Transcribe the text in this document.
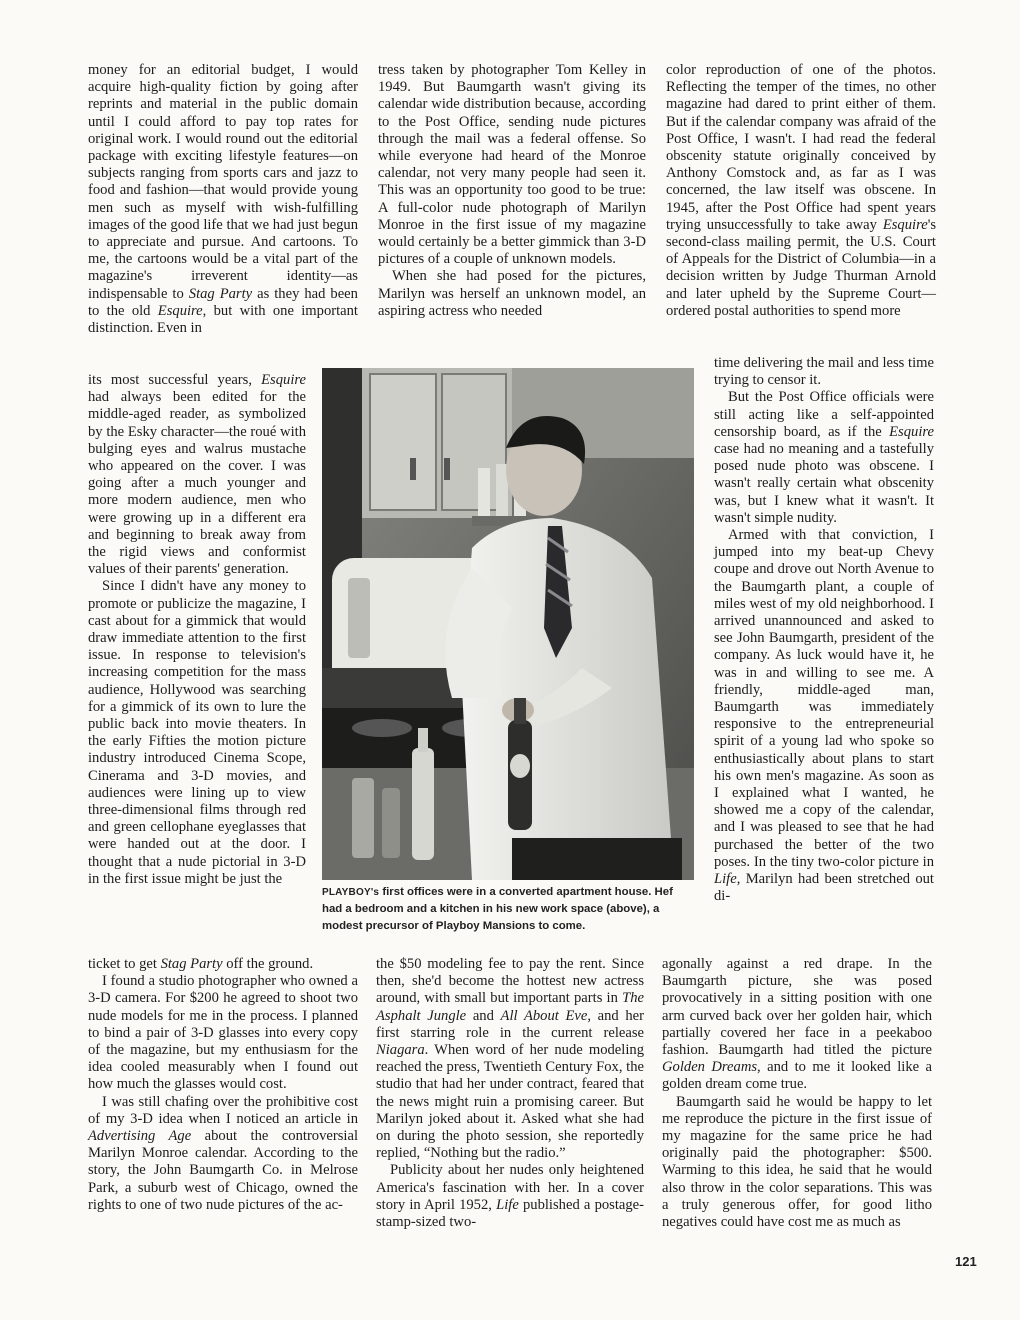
money for an editorial budget, I would acquire high-quality fiction by going after reprints and material in the public domain until I could afford to pay top rates for original work. I would round out the editorial package with exciting lifestyle features—on subjects ranging from sports cars and jazz to food and fashion—that would provide young men such as myself with wish-fulfilling images of the good life that we had just begun to appreciate and pursue. And cartoons. To me, the cartoons would be a vital part of the magazine's irreverent identity—as indispensable to Stag Party as they had been to the old Esquire, but with one important distinction. Even in

its most successful years, Esquire had always been edited for the middle-aged reader, as symbolized by the Esky character—the roué with bulging eyes and walrus mustache who appeared on the cover. I was going after a much younger and more modern audience, men who were growing up in a different era and beginning to break away from the rigid views and conformist values of their parents' generation.

Since I didn't have any money to promote or publicize the magazine, I cast about for a gimmick that would draw immediate attention to the first issue. In response to television's increasing competition for the mass audience, Hollywood was searching for a gimmick of its own to lure the public back into movie theaters. In the early Fifties the motion picture industry introduced Cinema Scope, Cinerama and 3-D movies, and audiences were lining up to view three-dimensional films through red and green cellophane eyeglasses that were handed out at the door. I thought that a nude pictorial in 3-D in the first issue might be just the

ticket to get Stag Party off the ground.

I found a studio photographer who owned a 3-D camera. For $200 he agreed to shoot two nude models for me in the process. I planned to bind a pair of 3-D glasses into every copy of the magazine, but my enthusiasm for the idea cooled measurably when I found out how much the glasses would cost.

I was still chafing over the prohibitive cost of my 3-D idea when I noticed an article in Advertising Age about the controversial Marilyn Monroe calendar. According to the story, the John Baumgarth Co. in Melrose Park, a suburb west of Chicago, owned the rights to one of two nude pictures of the ac-

tress taken by photographer Tom Kelley in 1949. But Baumgarth wasn't giving its calendar wide distribution because, according to the Post Office, sending nude pictures through the mail was a federal offense. So while everyone had heard of the Monroe calendar, not very many people had seen it. This was an opportunity too good to be true: A full-color nude photograph of Marilyn Monroe in the first issue of my magazine would certainly be a better gimmick than 3-D pictures of a couple of unknown models.

When she had posed for the pictures, Marilyn was herself an unknown model, an aspiring actress who needed

the $50 modeling fee to pay the rent. Since then, she'd become the hottest new actress around, with small but important parts in The Asphalt Jungle and All About Eve, and her first starring role in the current release Niagara. When word of her nude modeling reached the press, Twentieth Century Fox, the studio that had her under contract, feared that the news might ruin a promising career. But Marilyn joked about it. Asked what she had on during the photo session, she reportedly replied, “Nothing but the radio.”

Publicity about her nudes only heightened America's fascination with her. In a cover story in April 1952, Life published a postage-stamp-sized two-

color reproduction of one of the photos. Reflecting the temper of the times, no other magazine had dared to print either of them. But if the calendar company was afraid of the Post Office, I wasn't. I had read the federal obscenity statute originally conceived by Anthony Comstock and, as far as I was concerned, the law itself was obscene. In 1945, after the Post Office had spent years trying unsuccessfully to take away Esquire's second-class mailing permit, the U.S. Court of Appeals for the District of Columbia—in a decision written by Judge Thurman Arnold and later upheld by the Supreme Court—ordered postal authorities to spend more

time delivering the mail and less time trying to censor it.

But the Post Office officials were still acting like a self-appointed censorship board, as if the Esquire case had no meaning and a tastefully posed nude photo was obscene. I wasn't really certain what obscenity was, but I knew what it wasn't. It wasn't simple nudity.

Armed with that conviction, I jumped into my beat-up Chevy coupe and drove out North Avenue to the Baumgarth plant, a couple of miles west of my old neighborhood. I arrived unannounced and asked to see John Baumgarth, president of the company. As luck would have it, he was in and willing to see me. A friendly, middle-aged man, Baumgarth was immediately responsive to the entrepreneurial spirit of a young lad who spoke so enthusiastically about plans to start his own men's magazine. As soon as I explained what I wanted, he showed me a copy of the calendar, and I was pleased to see that he had purchased the better of the two poses. In the tiny two-color picture in Life, Marilyn had been stretched out di-

agonally against a red drape. In the Baumgarth picture, she was posed provocatively in a sitting position with one arm curved back over her golden hair, which partially covered her face in a peekaboo fashion. Baumgarth had titled the picture Golden Dreams, and to me it looked like a golden dream come true.

Baumgarth said he would be happy to let me reproduce the picture in the first issue of my magazine for the same price he had originally paid the photographer: $500. Warming to this idea, he said that he would also throw in the color separations. This was a truly generous offer, for good litho negatives could have cost me as much as

PLAYBOY's first offices were in a converted apartment house. Hef had a bedroom and a kitchen in his new work space (above), a modest precursor of Playboy Mansions to come.
121
